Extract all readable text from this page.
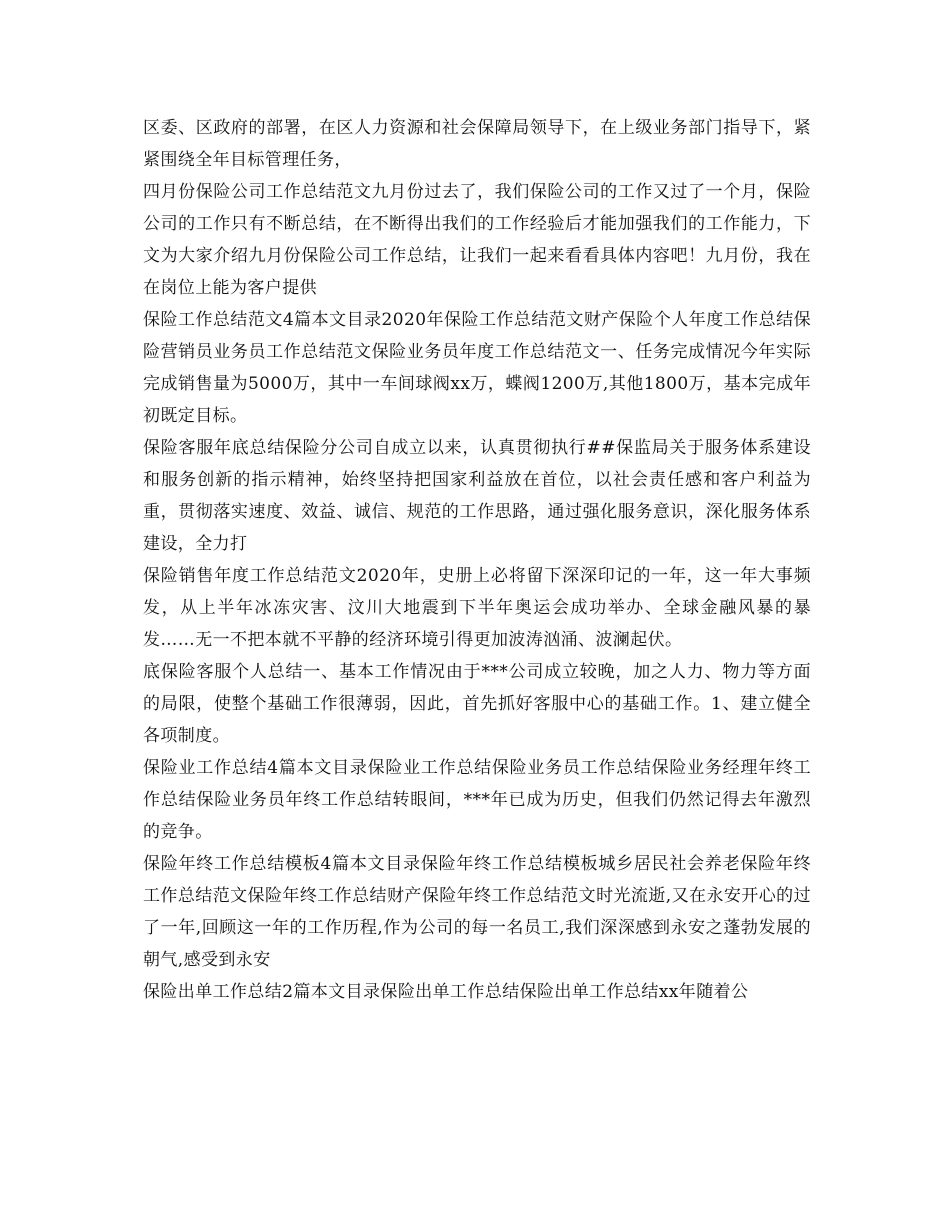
区委、区政府的部署，在区人力资源和社会保障局领导下，在上级业务部门指导下，紧紧围绕全年目标管理任务，

四月份保险公司工作总结范文九月份过去了，我们保险公司的工作又过了一个月，保险公司的工作只有不断总结，在不断得出我们的工作经验后才能加强我们的工作能力，下文为大家介绍九月份保险公司工作总结，让我们一起来看看具体内容吧！九月份，我在在岗位上能为客户提供

保险工作总结范文4篇本文目录2020年保险工作总结范文财产保险个人年度工作总结保险营销员业务员工作总结范文保险业务员年度工作总结范文一、任务完成情况今年实际完成销售量为5000万，其中一车间球阀xx万，蝶阀1200万,其他1800万，基本完成年初既定目标。

保险客服年底总结保险分公司自成立以来，认真贯彻执行##保监局关于服务体系建设和服务创新的指示精神，始终坚持把国家利益放在首位，以社会责任感和客户利益为重，贯彻落实速度、效益、诚信、规范的工作思路，通过强化服务意识，深化服务体系建设，全力打

保险销售年度工作总结范文2020年，史册上必将留下深深印记的一年，这一年大事频发，从上半年冰冻灾害、汶川大地震到下半年奥运会成功举办、全球金融风暴的暴发……无一不把本就不平静的经济环境引得更加波涛汹涌、波澜起伏。

底保险客服个人总结一、基本工作情况由于***公司成立较晚，加之人力、物力等方面的局限，使整个基础工作很薄弱，因此，首先抓好客服中心的基础工作。1、建立健全各项制度。

保险业工作总结4篇本文目录保险业工作总结保险业务员工作总结保险业务经理年终工作总结保险业务员年终工作总结转眼间，***年已成为历史，但我们仍然记得去年激烈的竞争。

保险年终工作总结模板4篇本文目录保险年终工作总结模板城乡居民社会养老保险年终工作总结范文保险年终工作总结财产保险年终工作总结范文时光流逝,又在永安开心的过了一年,回顾这一年的工作历程,作为公司的每一名员工,我们深深感到永安之蓬勃发展的朝气,感受到永安

保险出单工作总结2篇本文目录保险出单工作总结保险出单工作总结xx年随着公
